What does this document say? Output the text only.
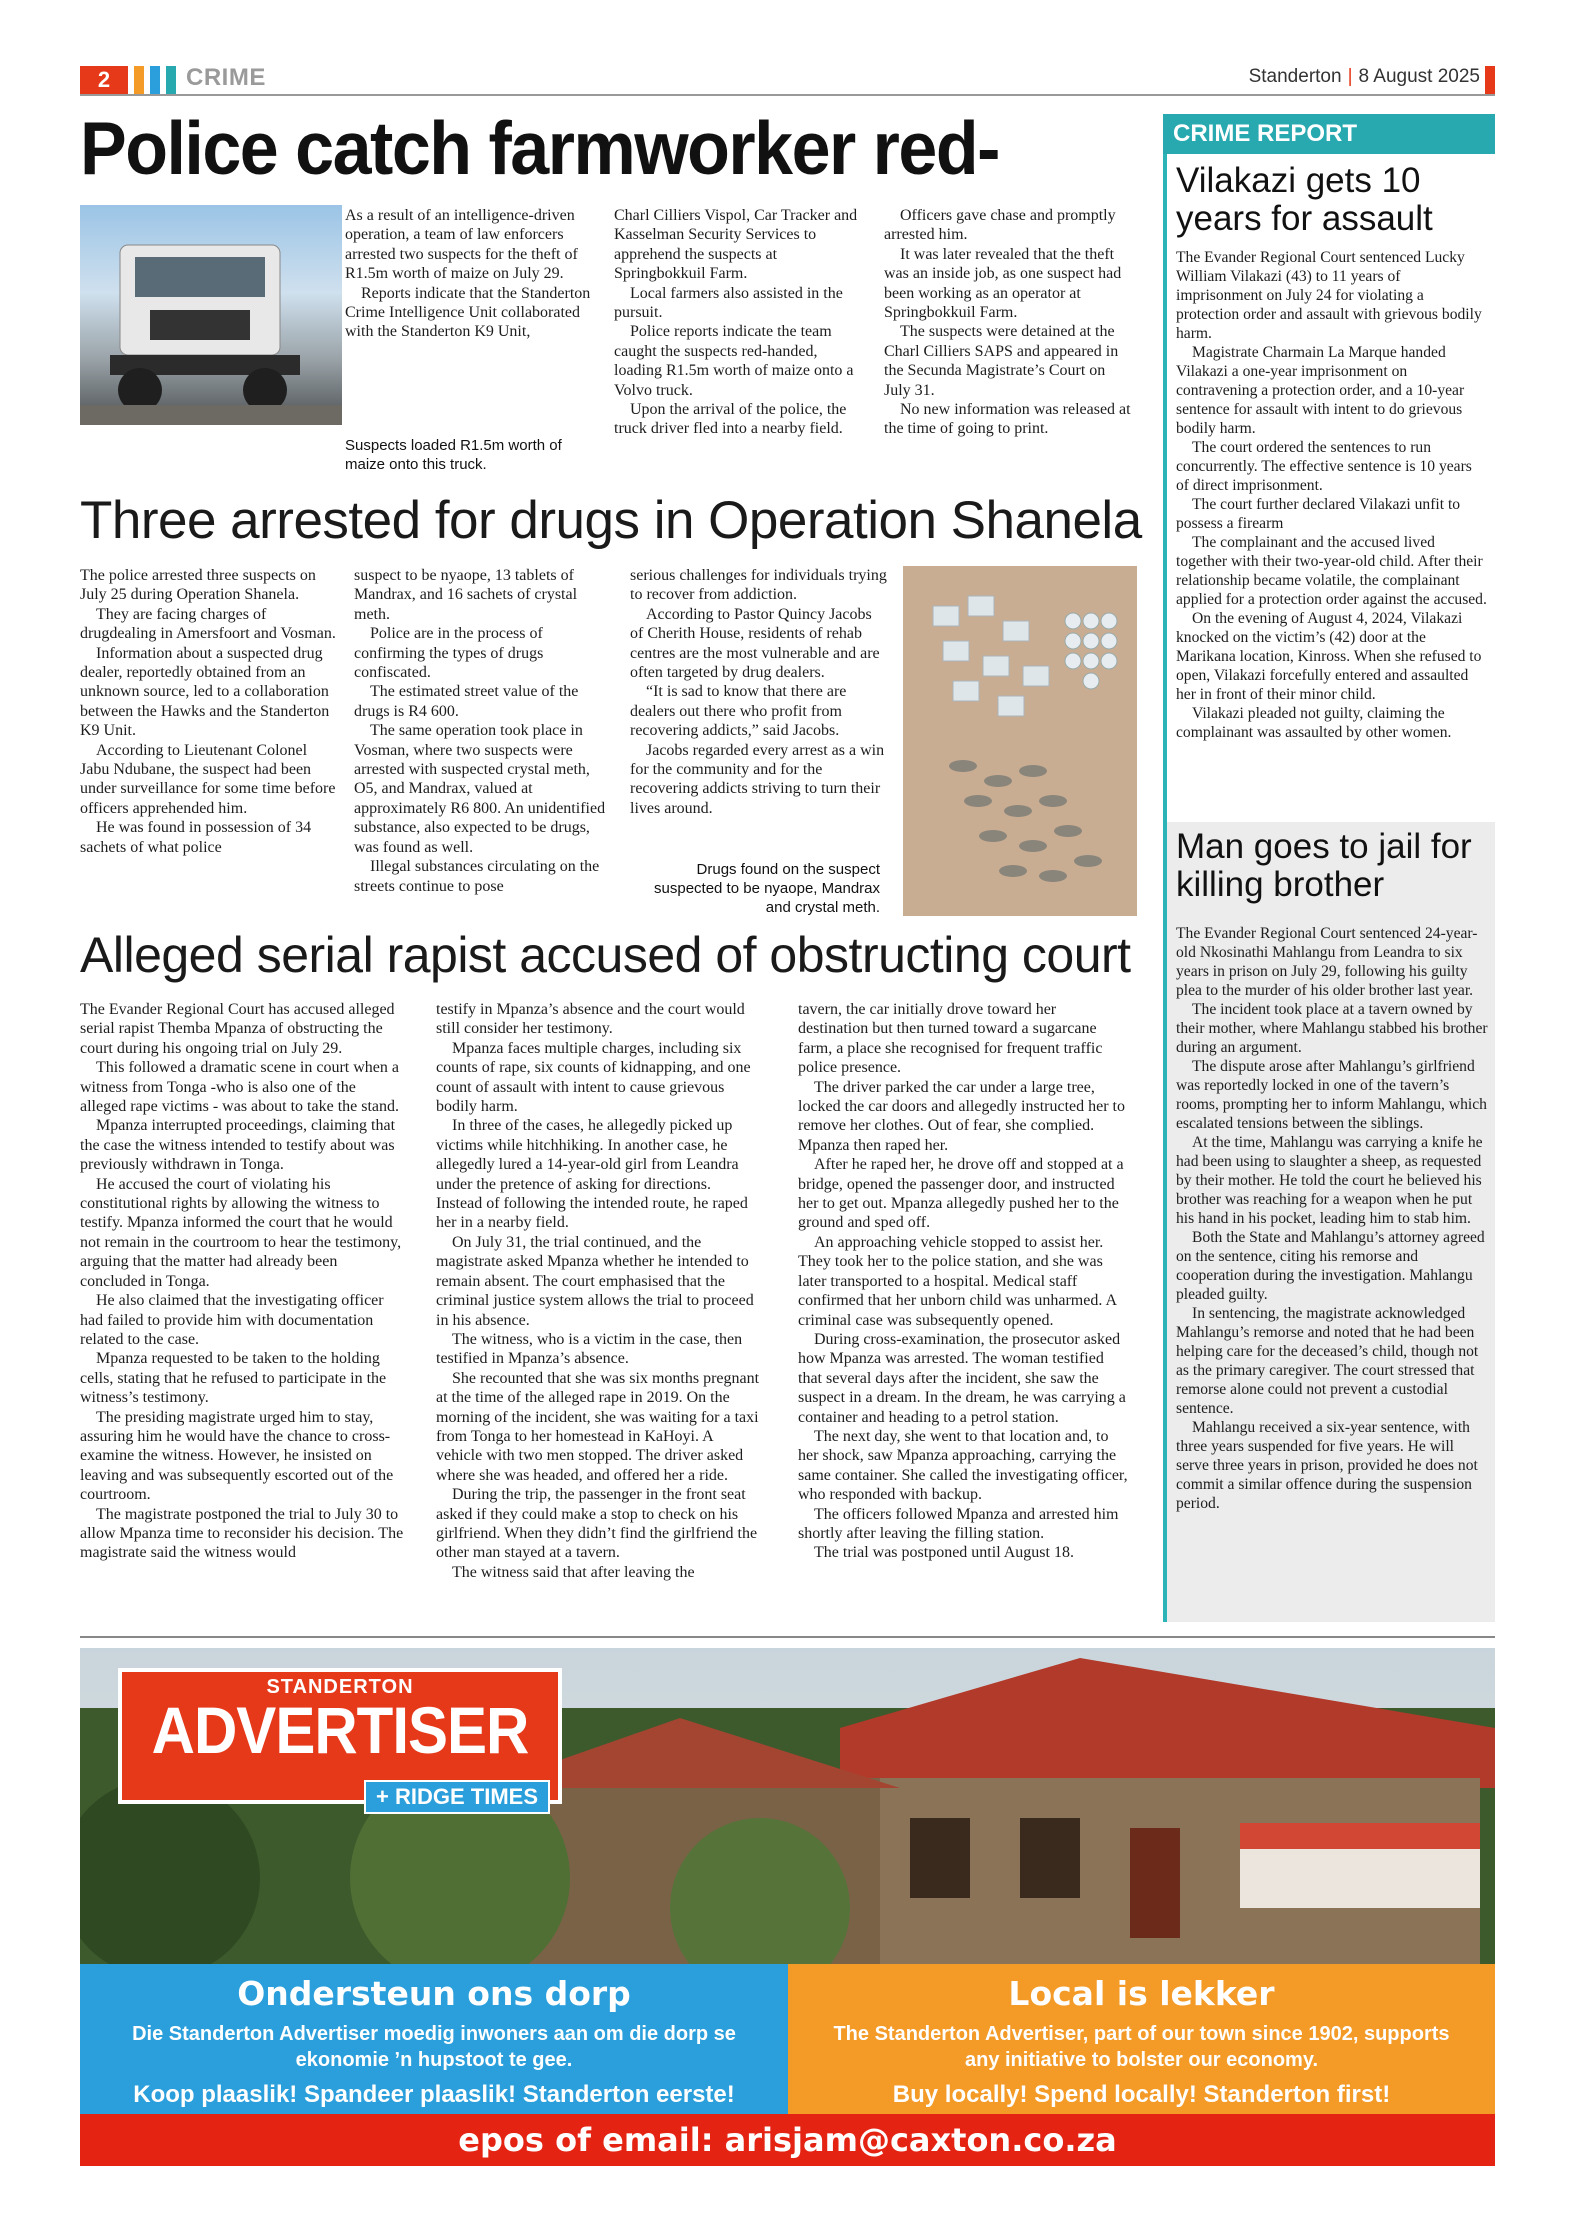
2	CRIME	Standerton | 8 August 2025
Police catch farmworker red-
Suspects loaded R1.5m worth of maize onto this truck.

As a result of an intelligence-driven operation, a team of law enforcers arrested two suspects for the theft of R1.5m worth of maize on July 29.

Reports indicate that the Standerton Crime Intelligence Unit collaborated with the Standerton K9 Unit,

Charl Cilliers Vispol, Car Tracker and Kasselman Security Services to apprehend the suspects at Springbokkuil Farm.

Local farmers also assisted in the pursuit.

Police reports indicate the team caught the suspects red-handed, loading R1.5m worth of maize onto a Volvo truck.

Upon the arrival of the police, the truck driver fled into a nearby field.

Officers gave chase and promptly arrested him.

It was later revealed that the theft was an inside job, as one suspect had been working as an operator at Springbokkuil Farm.

The suspects were detained at the Charl Cilliers SAPS and appeared in the Secunda Magistrate’s Court on July 31.

No new information was released at the time of going to print.

Three arrested for drugs in Operation Shanela

The police arrested three suspects on July 25 during Operation Shanela.

They are facing charges of drugdealing in Amersfoort and Vosman.

Information about a suspected drug dealer, reportedly obtained from an unknown source, led to a collaboration between the Hawks and the Standerton K9 Unit.

According to Lieutenant Colonel Jabu Ndubane, the suspect had been under surveillance for some time before officers apprehended him.

He was found in possession of 34 sachets of what police

suspect to be nyaope, 13 tablets of Mandrax, and 16 sachets of crystal meth.

Police are in the process of confirming the types of drugs confiscated.

The estimated street value of the drugs is R4 600.

The same operation took place in Vosman, where two suspects were arrested with suspected crystal meth, O5, and Mandrax, valued at approximately R6 800. An unidentified substance, also expected to be drugs, was found as well.

Illegal substances circulating on the streets continue to pose

serious challenges for individuals trying to recover from addiction.

According to Pastor Quincy Jacobs of Cherith House, residents of rehab centres are the most vulnerable and are often targeted by drug dealers.

“It is sad to know that there are dealers out there who profit from recovering addicts,” said Jacobs.

Jacobs regarded every arrest as a win for the community and for the recovering addicts striving to turn their lives around.

Drugs found on the suspect suspected to be nyaope, Mandrax and crystal meth.
Alleged serial rapist accused of obstructing court

The Evander Regional Court has accused alleged serial rapist Themba Mpanza of obstructing the court during his ongoing trial on July 29.

This followed a dramatic scene in court when a witness from Tonga -who is also one of the alleged rape victims - was about to take the stand.

Mpanza interrupted proceedings, claiming that the case the witness intended to testify about was previously withdrawn in Tonga.

He accused the court of violating his constitutional rights by allowing the witness to testify. Mpanza informed the court that he would not remain in the courtroom to hear the testimony, arguing that the matter had already been concluded in Tonga.

He also claimed that the investigating officer had failed to provide him with documentation related to the case.

Mpanza requested to be taken to the holding cells, stating that he refused to participate in the witness’s testimony.

The presiding magistrate urged him to stay, assuring him he would have the chance to cross-examine the witness. However, he insisted on leaving and was subsequently escorted out of the courtroom.

The magistrate postponed the trial to July 30 to allow Mpanza time to reconsider his decision. The magistrate said the witness would

testify in Mpanza’s absence and the court would still consider her testimony.

Mpanza faces multiple charges, including six counts of rape, six counts of kidnapping, and one count of assault with intent to cause grievous bodily harm.

In three of the cases, he allegedly picked up victims while hitchhiking. In another case, he allegedly lured a 14-year-old girl from Leandra under the pretence of asking for directions. Instead of following the intended route, he raped her in a nearby field.

On July 31, the trial continued, and the magistrate asked Mpanza whether he intended to remain absent. The court emphasised that the criminal justice system allows the trial to proceed in his absence.

The witness, who is a victim in the case, then testified in Mpanza’s absence.

She recounted that she was six months pregnant at the time of the alleged rape in 2019. On the morning of the incident, she was waiting for a taxi from Tonga to her homestead in KaHoyi. A vehicle with two men stopped. The driver asked where she was headed, and offered her a ride.

During the trip, the passenger in the front seat asked if they could make a stop to check on his girlfriend. When they didn’t find the girlfriend the other man stayed at a tavern.

The witness said that after leaving the

tavern, the car initially drove toward her destination but then turned toward a sugarcane farm, a place she recognised for frequent traffic police presence.

The driver parked the car under a large tree, locked the car doors and allegedly instructed her to remove her clothes. Out of fear, she complied. Mpanza then raped her.

After he raped her, he drove off and stopped at a bridge, opened the passenger door, and instructed her to get out. Mpanza allegedly pushed her to the ground and sped off.

An approaching vehicle stopped to assist her. They took her to the police station, and she was later transported to a hospital. Medical staff confirmed that her unborn child was unharmed. A criminal case was subsequently opened.

During cross-examination, the prosecutor asked how Mpanza was arrested. The woman testified that several days after the incident, she saw the suspect in a dream. In the dream, he was carrying a container and heading to a petrol station.

The next day, she went to that location and, to her shock, saw Mpanza approaching, carrying the same container. She called the investigating officer, who responded with backup.

The officers followed Mpanza and arrested him shortly after leaving the filling station.

The trial was postponed until August 18.

CRIME REPORT
Vilakazi gets 10 years for assault

The Evander Regional Court sentenced Lucky William Vilakazi (43) to 11 years of imprisonment on July 24 for violating a protection order and assault with grievous bodily harm.

Magistrate Charmain La Marque handed Vilakazi a one-year imprisonment on contravening a protection order, and a 10-year sentence for assault with intent to do grievous bodily harm.

The court ordered the sentences to run concurrently. The effective sentence is 10 years of direct imprisonment.

The court further declared Vilakazi unfit to possess a firearm

The complainant and the accused lived together with their two-year-old child. After their relationship became volatile, the complainant applied for a protection order against the accused.

On the evening of August 4, 2024, Vilakazi knocked on the victim’s (42) door at the Marikana location, Kinross. When she refused to open, Vilakazi forcefully entered and assaulted her in front of their minor child.

Vilakazi pleaded not guilty, claiming the complainant was assaulted by other women.

Man goes to jail for killing brother

The Evander Regional Court sentenced 24-year-old Nkosinathi Mahlangu from Leandra to six years in prison on July 29, following his guilty plea to the murder of his older brother last year.

The incident took place at a tavern owned by their mother, where Mahlangu stabbed his brother during an argument.

The dispute arose after Mahlangu’s girlfriend was reportedly locked in one of the tavern’s rooms, prompting her to inform Mahlangu, which escalated tensions between the siblings.

At the time, Mahlangu was carrying a knife he had been using to slaughter a sheep, as requested by their mother. He told the court he believed his brother was reaching for a weapon when he put his hand in his pocket, leading him to stab him.

Both the State and Mahlangu’s attorney agreed on the sentence, citing his remorse and cooperation during the investigation. Mahlangu pleaded guilty.

In sentencing, the magistrate acknowledged Mahlangu’s remorse and noted that he had been helping care for the deceased’s child, though not as the primary caregiver. The court stressed that remorse alone could not prevent a custodial sentence.

Mahlangu received a six-year sentence, with three years suspended for five years. He will serve three years in prison, provided he does not commit a similar offence during the suspension period.

STANDERTON
ADVERTISER
+ RIDGE TIMES
Ondersteun ons dorp
Die Standerton Advertiser moedig inwoners aan om die dorp se ekonomie ’n hupstoot te gee.
Koop plaaslik! Spandeer plaaslik! Standerton eerste!
Local is lekker
The Standerton Advertiser, part of our town since 1902, supports any initiative to bolster our economy.
Buy locally! Spend locally! Standerton first!
epos of email: arisjam@caxton.co.za
